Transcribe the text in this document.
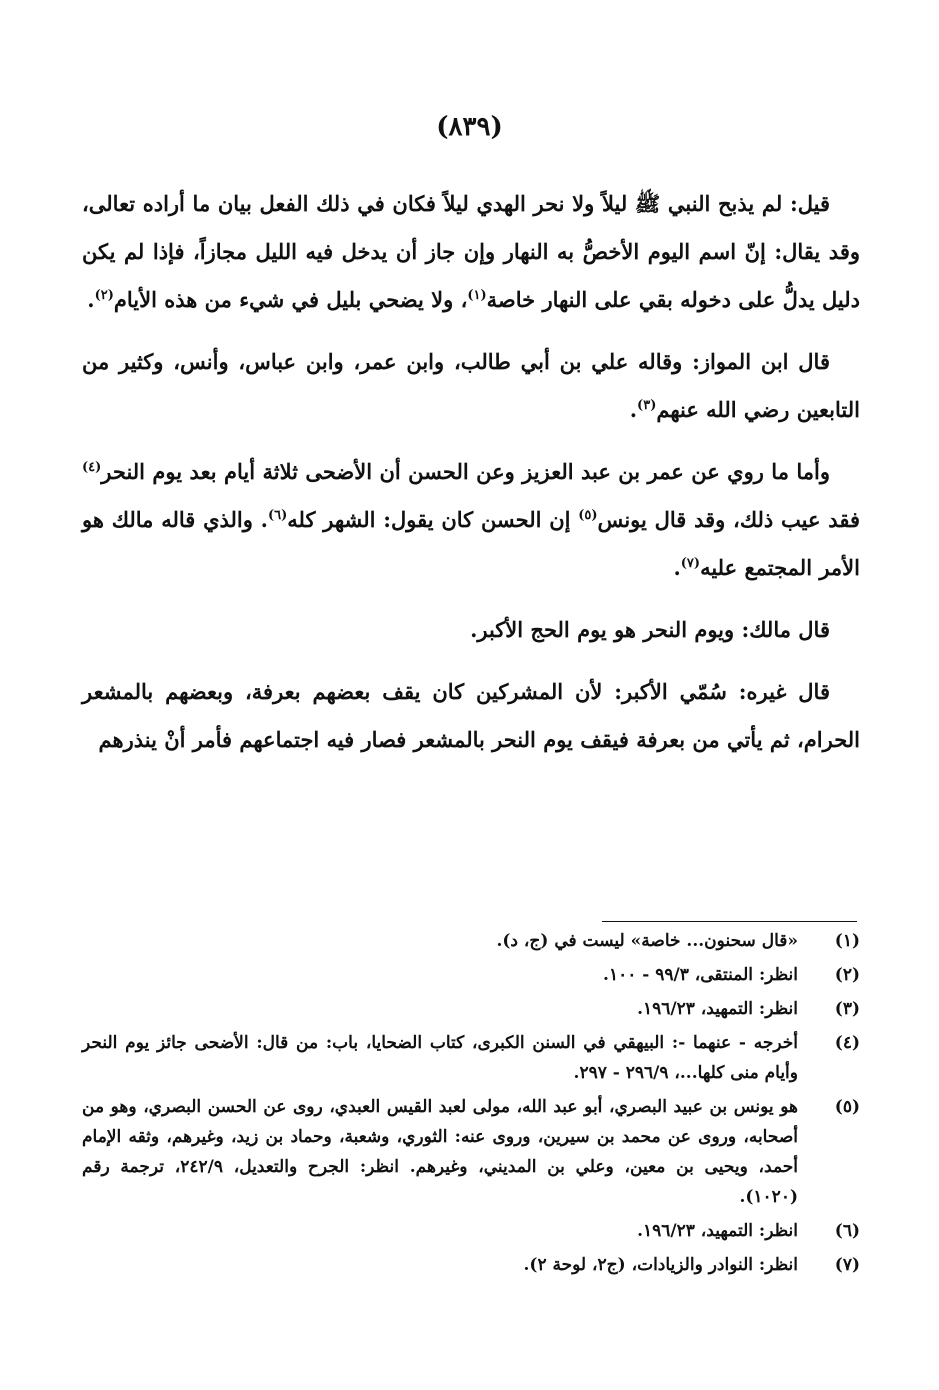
(٨٣٩)

قيل: لم يذبح النبي ﷺ ليلاً ولا نحر الهدي ليلاً فكان في ذلك الفعل بيان ما أراده تعالى، وقد يقال: إنّ اسم اليوم الأخصُّ به النهار وإن جاز أن يدخل فيه الليل مجازاً، فإذا لم يكن دليل يدلُّ على دخوله بقي على النهار خاصة$^{(١)}$، ولا يضحي بليل في شيء من هذه الأيام$^{(٢)}$.

قال ابن المواز: وقاله علي بن أبي طالب، وابن عمر، وابن عباس، وأنس، وكثير من التابعين رضي الله عنهم$^{(٣)}$.

وأما ما روي عن عمر بن عبد العزيز وعن الحسن أن الأضحى ثلاثة أيام بعد يوم النحر$^{(٤)}$ فقد عيب ذلك، وقد قال يونس$^{(٥)}$ إن الحسن كان يقول: الشهر كله$^{(٦)}$. والذي قاله مالك هو الأمر المجتمع عليه$^{(٧)}$.

قال مالك: ويوم النحر هو يوم الحج الأكبر.

قال غيره: سُمّي الأكبر: لأن المشركين كان يقف بعضهم بعرفة، وبعضهم بالمشعر الحرام، ثم يأتي من بعرفة فيقف يوم النحر بالمشعر فصار فيه اجتماعهم فأمر أنْ ينذرهم

(١)
«قال سحنون... خاصة» ليست في (ج، د).
(٢)
انظر: المنتقى، ٩٩/٣ - ١٠٠.
(٣)
انظر: التمهيد، ١٩٦/٢٣.
(٤)
أخرجه - عنهما -: البيهقي في السنن الكبرى، كتاب الضحايا، باب: من قال: الأضحى جائز يوم النحر وأيام منى كلها...، ٢٩٦/٩ - ٢٩٧.
(٥)
هو يونس بن عبيد البصري، أبو عبد الله، مولى لعبد القيس العبدي، روى عن الحسن البصري، وهو من أصحابه، وروى عن محمد بن سيرين، وروى عنه: الثوري، وشعبة، وحماد بن زيد، وغيرهم، وثقه الإمام أحمد، ويحيى بن معين، وعلي بن المديني، وغيرهم. انظر: الجرح والتعديل، ٢٤٢/٩، ترجمة رقم (١٠٢٠).
(٦)
انظر: التمهيد، ١٩٦/٢٣.
(٧)
انظر: النوادر والزيادات، (ج٢، لوحة ٢).
